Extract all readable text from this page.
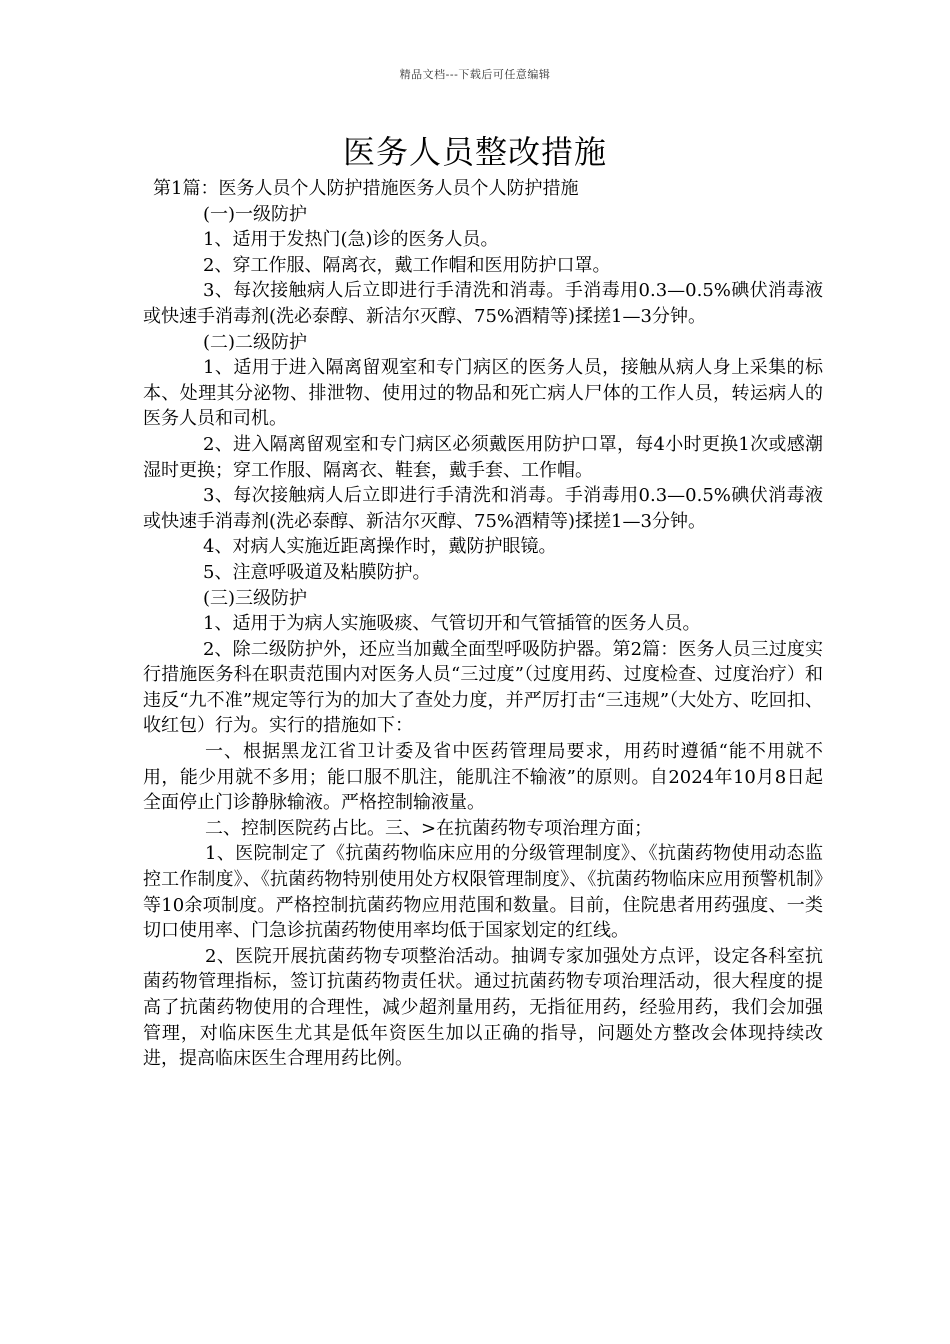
精品文档---下载后可任意编辑
医务人员整改措施

第1篇：医务人员个人防护措施医务人员个人防护措施

(一)一级防护

1、适用于发热门(急)诊的医务人员。

2、穿工作服、隔离衣，戴工作帽和医用防护口罩。

3、每次接触病人后立即进行手清洗和消毒。手消毒用0.3—0.5%碘伏消毒液或快速手消毒剂(洗必泰醇、新洁尔灭醇、75%酒精等)揉搓1—3分钟。

(二)二级防护

1、适用于进入隔离留观室和专门病区的医务人员，接触从病人身上采集的标本、处理其分泌物、排泄物、使用过的物品和死亡病人尸体的工作人员，转运病人的医务人员和司机。

2、进入隔离留观室和专门病区必须戴医用防护口罩，每4小时更换1次或感潮湿时更换；穿工作服、隔离衣、鞋套，戴手套、工作帽。

3、每次接触病人后立即进行手清洗和消毒。手消毒用0.3—0.5%碘伏消毒液或快速手消毒剂(洗必泰醇、新洁尔灭醇、75%酒精等)揉搓1—3分钟。

4、对病人实施近距离操作时，戴防护眼镜。

5、注意呼吸道及粘膜防护。

(三)三级防护

1、适用于为病人实施吸痰、气管切开和气管插管的医务人员。

2、除二级防护外，还应当加戴全面型呼吸防护器。第2篇：医务人员三过度实行措施医务科在职责范围内对医务人员“三过度”（过度用药、过度检查、过度治疗）和违反“九不准”规定等行为的加大了查处力度，并严厉打击“三违规”（大处方、吃回扣、收红包）行为。实行的措施如下：

一、根据黑龙江省卫计委及省中医药管理局要求，用药时遵循“能不用就不用，能少用就不多用；能口服不肌注，能肌注不输液”的原则。自2024年10月8日起全面停止门诊静脉输液。严格控制输液量。

二、控制医院药占比。三、>在抗菌药物专项治理方面；

1、医院制定了《抗菌药物临床应用的分级管理制度》、《抗菌药物使用动态监控工作制度》、《抗菌药物特别使用处方权限管理制度》、《抗菌药物临床应用预警机制》等10余项制度。严格控制抗菌药物应用范围和数量。目前，住院患者用药强度、一类切口使用率、门急诊抗菌药物使用率均低于国家划定的红线。

2、医院开展抗菌药物专项整治活动。抽调专家加强处方点评，设定各科室抗菌药物管理指标，签订抗菌药物责任状。通过抗菌药物专项治理活动，很大程度的提高了抗菌药物使用的合理性，减少超剂量用药，无指征用药，经验用药，我们会加强管理，对临床医生尤其是低年资医生加以正确的指导，问题处方整改会体现持续改进，提高临床医生合理用药比例。
